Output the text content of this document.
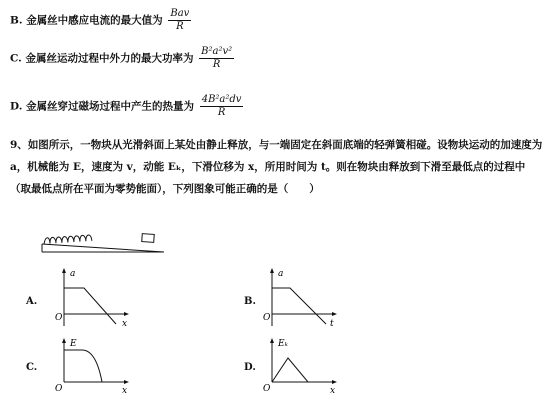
B. 金属丝中感应电流的最大值为 $\frac{\text{Bav}}{R}$
C. 金属丝运动过程中外力的最大功率为 $\frac{\text{B²a²v²}}{R}$
D. 金属丝穿过磁场过程中产生的热量为 $\frac{\text{4B²a²dv}}{R}$
9、如图所示，一物块从光滑斜面上某处由静止释放，与一端固定在斜面底端的轻弹簧相碰。设物块运动的加速度为 a，机械能为 E，速度为 v，动能 Eₖ，下滑位移为 x，所用时间为 t。则在物块由释放到下滑至最低点的过程中（取最低点所在平面为零势能面），下列图象可能正确的是（　　）
A.
a
x
O
B.
a
t
O
C.
E
x
O
D.
Eₖ
x
O
